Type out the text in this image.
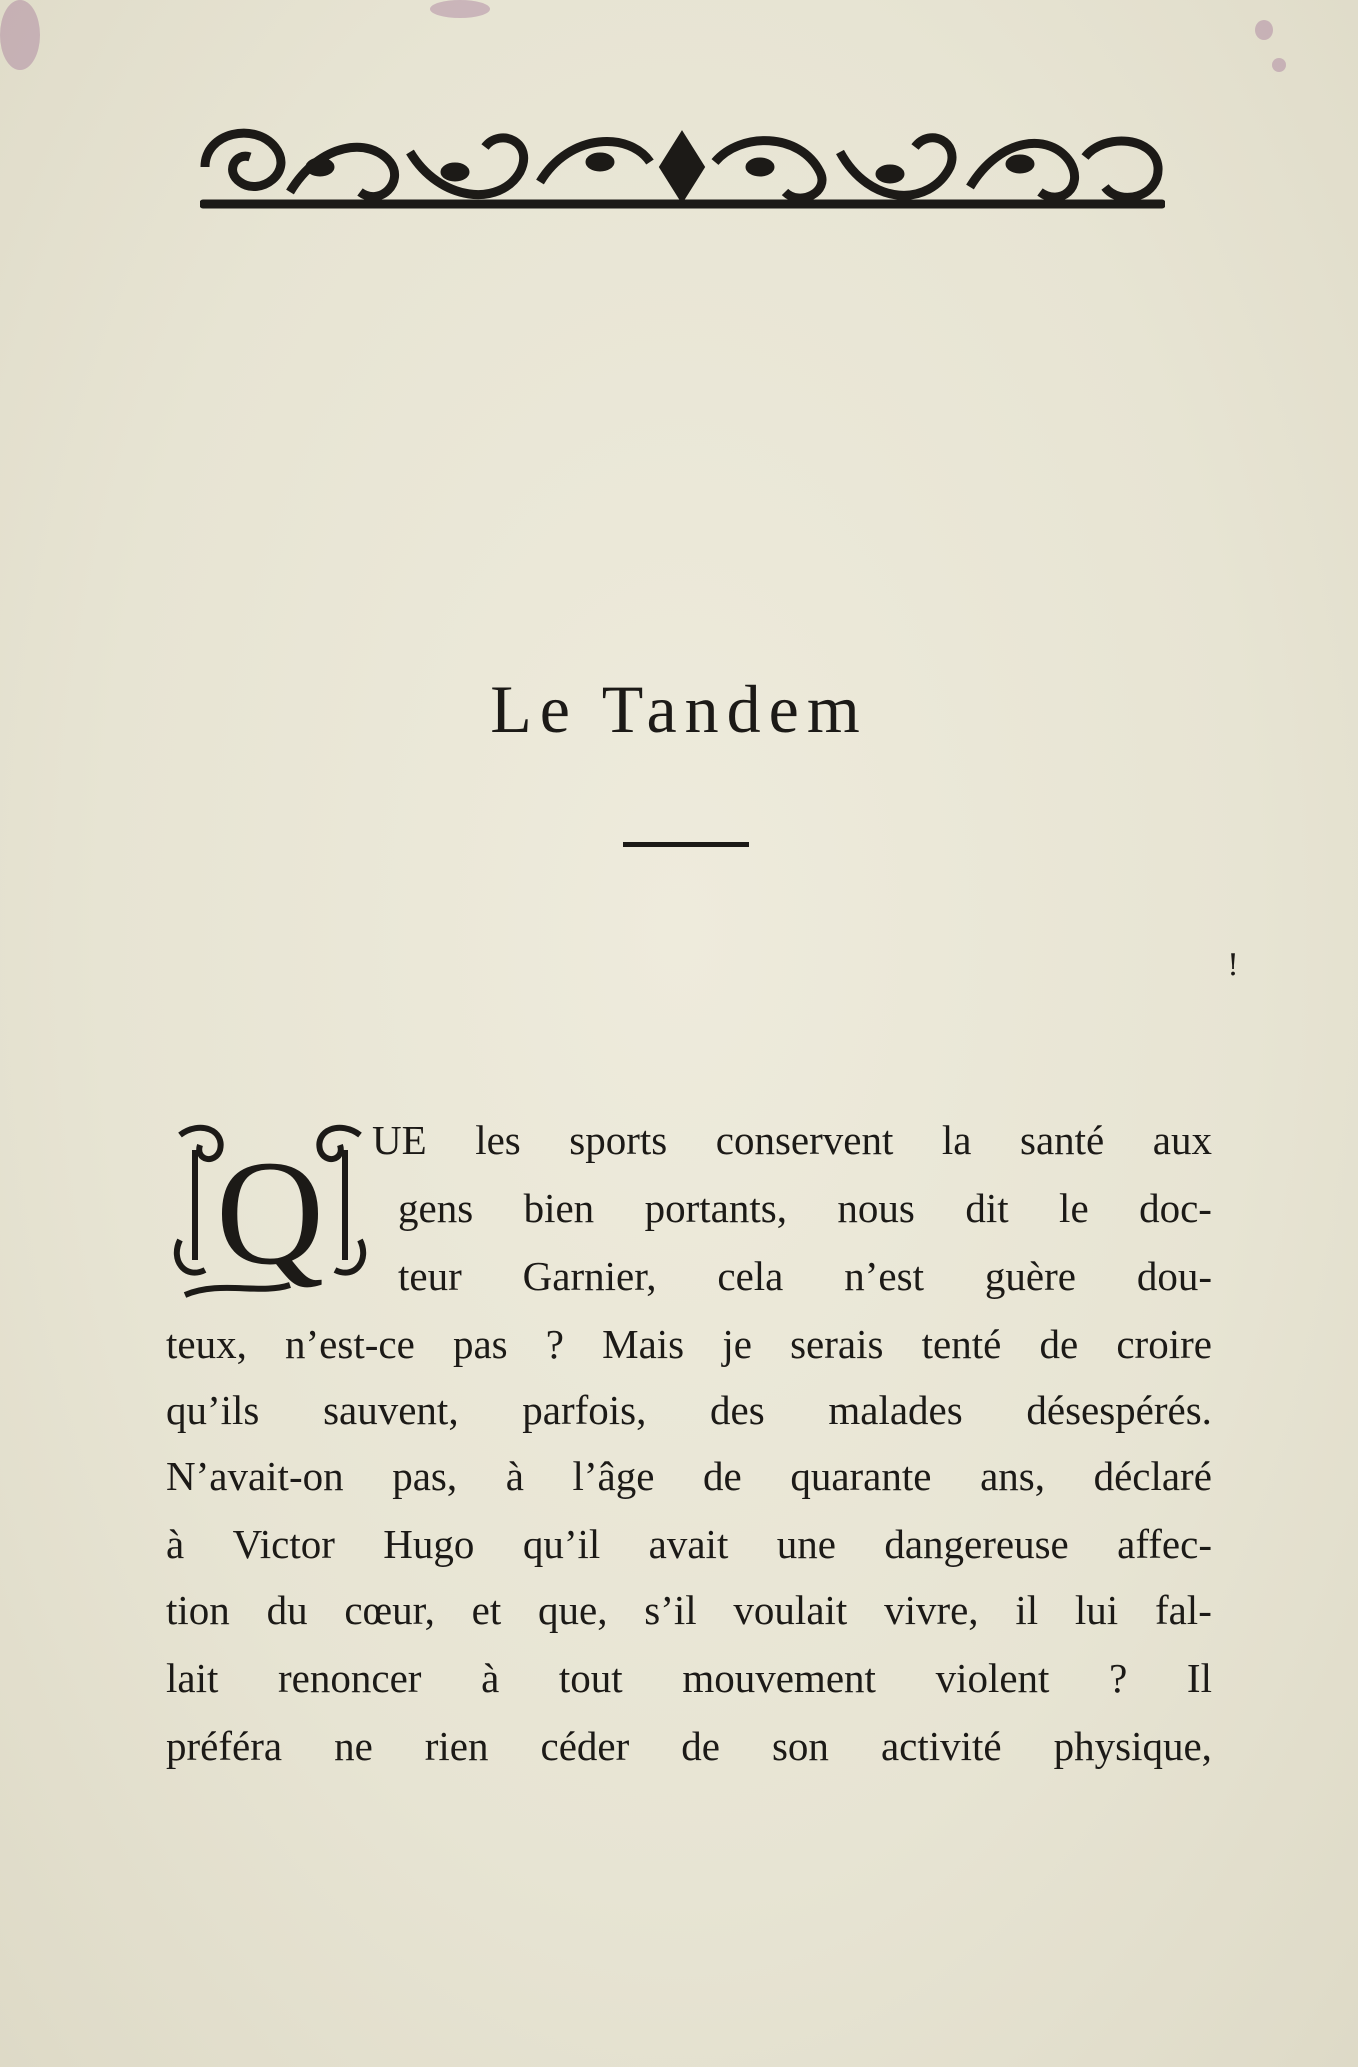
Le Tandem
!
Q UE les sports conservent la santé aux
gens bien portants, nous dit le doc-
teur Garnier, cela n’est guère dou-
teux, n’est-ce pas ? Mais je serais tenté de croire
qu’ils sauvent, parfois, des malades désespérés.
N’avait-on pas, à l’âge de quarante ans, déclaré
à Victor Hugo qu’il avait une dangereuse affec-
tion du cœur, et que, s’il voulait vivre, il lui fal-
lait renoncer à tout mouvement violent ? Il
préféra ne rien céder de son activité physique,
